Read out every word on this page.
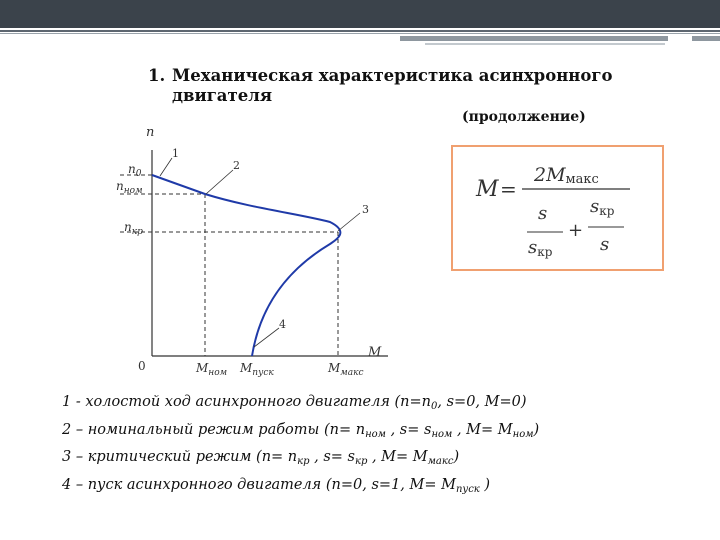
1. Механическая характеристика асинхронного
двигателя
(продолжение)
n
M
0
$n_0$
$n_{ном}$
$n_{кр}$
$M_{ном}$ $M_{пуск}$	$M_{макс}$
1
2
3
4
M =
2Mмакс
s
sкр
+
sкр
s
1 - холостой ход асинхронного двигателя ($n=n_0$, s=0, M=0)
2 – номинальный режим работы ($n= n_{ном}$ , $s= s_{ном}$ , $M= M_{ном}$)
3 – критический режим ($n= n_{кр}$ , $s= s_{кр}$ , $M= M_{макс}$)
4 – пуск асинхронного двигателя (n=0, s=1, $M= M_{пуск}$ )
